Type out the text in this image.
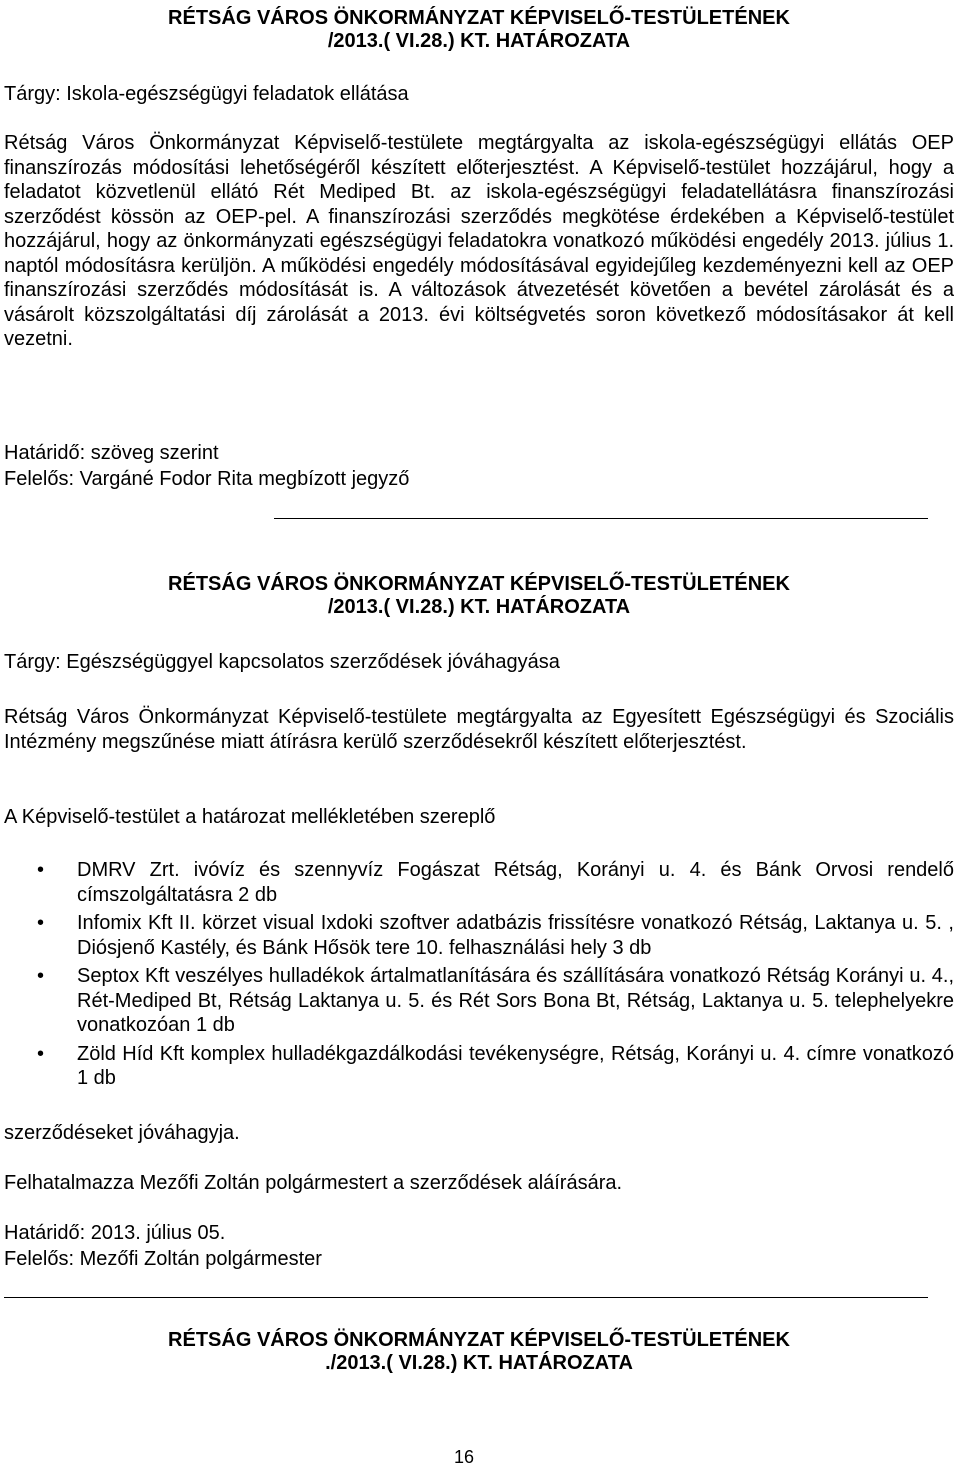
RÉTSÁG VÁROS ÖNKORMÁNYZAT KÉPVISELŐ-TESTÜLETÉNEK
/2013.( VI.28.) KT. HATÁROZATA
Tárgy: Iskola-egészségügyi feladatok ellátása

Rétság Város Önkormányzat Képviselő-testülete megtárgyalta az iskola-egészségügyi ellátás OEP finanszírozás módosítási lehetőségéről készített előterjesztést. A Képviselő-testület hozzájárul, hogy a feladatot közvetlenül ellátó Rét Mediped Bt. az iskola-egészségügyi feladatellátásra finanszírozási szerződést kössön az OEP-pel. A finanszírozási szerződés megkötése érdekében a Képviselő-testület hozzájárul, hogy az önkormányzati egészségügyi feladatokra vonatkozó működési engedély 2013. július 1. naptól módosításra kerüljön. A működési engedély módosításával egyidejűleg kezdeményezni kell az OEP finanszírozási szerződés módosítását is. A változások átvezetését követően a bevétel zárolását és a vásárolt közszolgáltatási díj zárolását a 2013. évi költségvetés soron következő módosításakor át kell vezetni.

Határidő: szöveg szerint
Felelős: Vargáné Fodor Rita megbízott jegyző
RÉTSÁG VÁROS ÖNKORMÁNYZAT KÉPVISELŐ-TESTÜLETÉNEK
/2013.( VI.28.) KT. HATÁROZATA
Tárgy: Egészségüggyel kapcsolatos szerződések jóváhagyása

Rétság Város Önkormányzat Képviselő-testülete megtárgyalta az Egyesített Egészségügyi és Szociális Intézmény megszűnése miatt átírásra kerülő szerződésekről készített előterjesztést.

A Képviselő-testület a határozat mellékletében szereplő
• DMRV Zrt. ivóvíz és szennyvíz Fogászat Rétság, Korányi u. 4. és Bánk Orvosi rendelő címszolgáltatásra 2 db
• Infomix Kft II. körzet visual Ixdoki szoftver adatbázis frissítésre vonatkozó Rétság, Laktanya u. 5. , Diósjenő Kastély, és Bánk Hősök tere 10. felhasználási hely 3 db
• Septox Kft veszélyes hulladékok ártalmatlanítására és szállítására vonatkozó Rétság Korányi u. 4., Rét-Mediped Bt, Rétság Laktanya u. 5. és Rét Sors Bona Bt, Rétság, Laktanya u. 5. telephelyekre vonatkozóan 1 db
• Zöld Híd Kft komplex hulladékgazdálkodási tevékenységre, Rétság, Korányi u. 4. címre vonatkozó 1 db
szerződéseket jóváhagyja.
Felhatalmazza Mezőfi Zoltán polgármestert a szerződések aláírására.
Határidő: 2013. július 05.
Felelős: Mezőfi Zoltán polgármester
RÉTSÁG VÁROS ÖNKORMÁNYZAT KÉPVISELŐ-TESTÜLETÉNEK
./2013.( VI.28.) KT. HATÁROZATA
16
